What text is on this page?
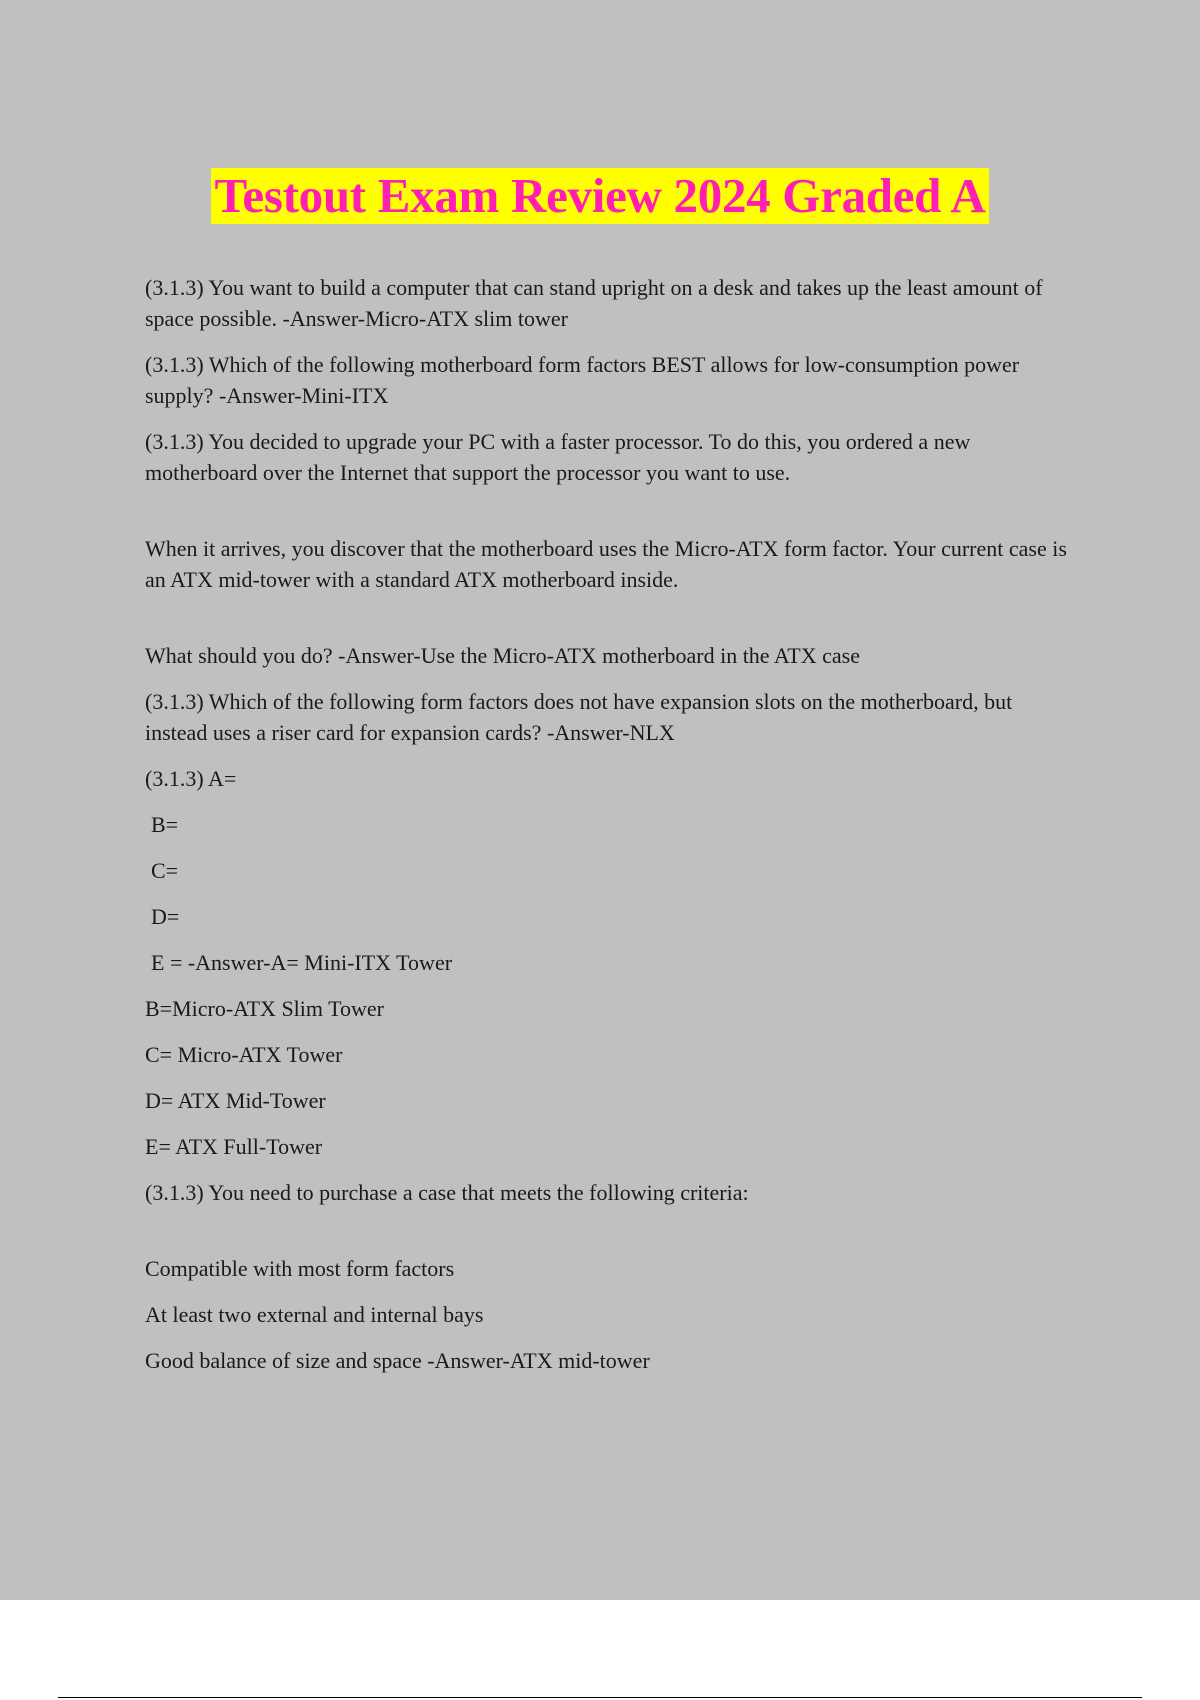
Testout Exam Review 2024 Graded A

(3.1.3) You want to build a computer that can stand upright on a desk and takes up the least amount of space possible. -Answer-Micro-ATX slim tower

(3.1.3) Which of the following motherboard form factors BEST allows for low-consumption power supply? -Answer-Mini-ITX

(3.1.3) You decided to upgrade your PC with a faster processor. To do this, you ordered a new motherboard over the Internet that support the processor you want to use.

When it arrives, you discover that the motherboard uses the Micro-ATX form factor. Your current case is an ATX mid-tower with a standard ATX motherboard inside.

What should you do? -Answer-Use the Micro-ATX motherboard in the ATX case

(3.1.3) Which of the following form factors does not have expansion slots on the motherboard, but instead uses a riser card for expansion cards? -Answer-NLX

(3.1.3) A=

B=

C=

D=

E = -Answer-A= Mini-ITX Tower

B=Micro-ATX Slim Tower

C= Micro-ATX Tower

D= ATX Mid-Tower

E= ATX Full-Tower

(3.1.3) You need to purchase a case that meets the following criteria:

Compatible with most form factors

At least two external and internal bays

Good balance of size and space -Answer-ATX mid-tower
